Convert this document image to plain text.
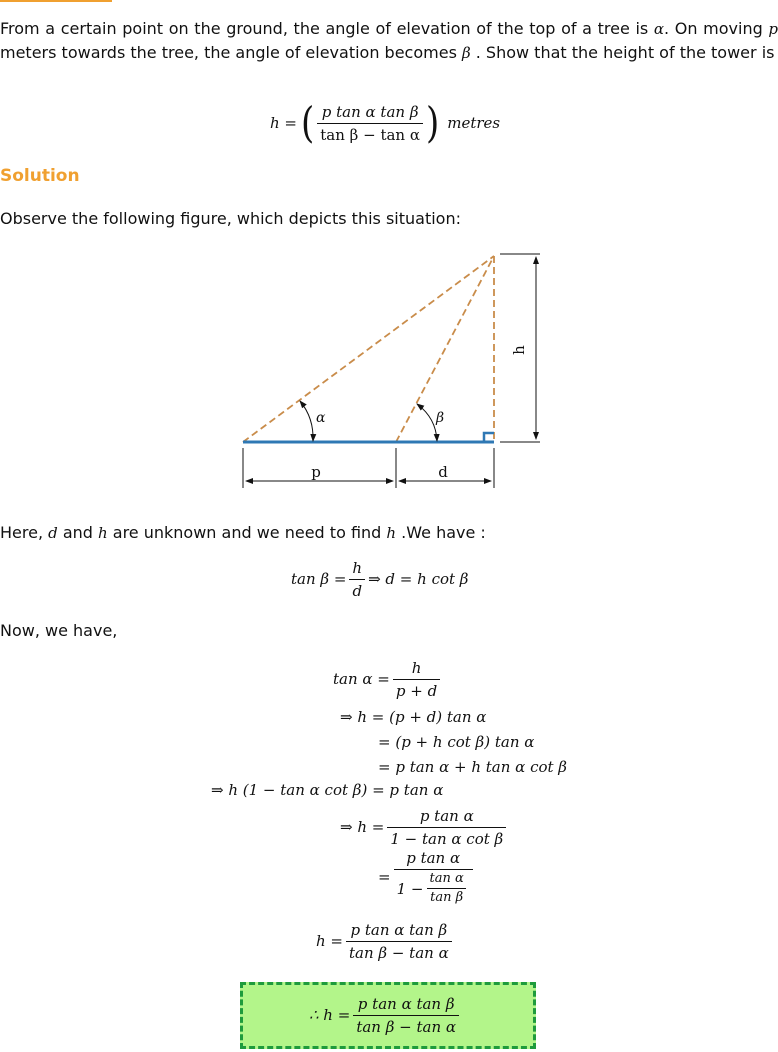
From a certain point on the ground, the angle of elevation of the top of a tree is α. On moving p meters towards the tree, the angle of elevation becomes β . Show that the height of the tower is

h = ( $\frac{\text{p tan α tan β}}{\text{tan β − tan α}}$ ) metres

Solution

Observe the following figure, which depicts this situation:

α	β
h
p	d

Here, d and h are unknown and we need to find h .We have :

$\tan \beta = \frac{h}{d}$ ⇒ d = h cot β

Now, we have,

$\tan \alpha = \frac{h}{p + d}$
⇒ h = (p + d) tan α
= (p + h cot β) tan α
= p tan α + h tan α cot β
⇒ h (1 − tan α cot β) = p tan α
⇒ $h = \frac{\text{p tan α}}{\text{1 − tan α cot β}}$
= $\frac{\text{p tan α}}{1 - \frac{\text{tan α}}{\text{tan β}}}$
$h = \frac{\text{p tan α tan β}}{\text{tan β − tan α}}$
∴ $h = \frac{\text{p tan α tan β}}{\text{tan β − tan α}}$
